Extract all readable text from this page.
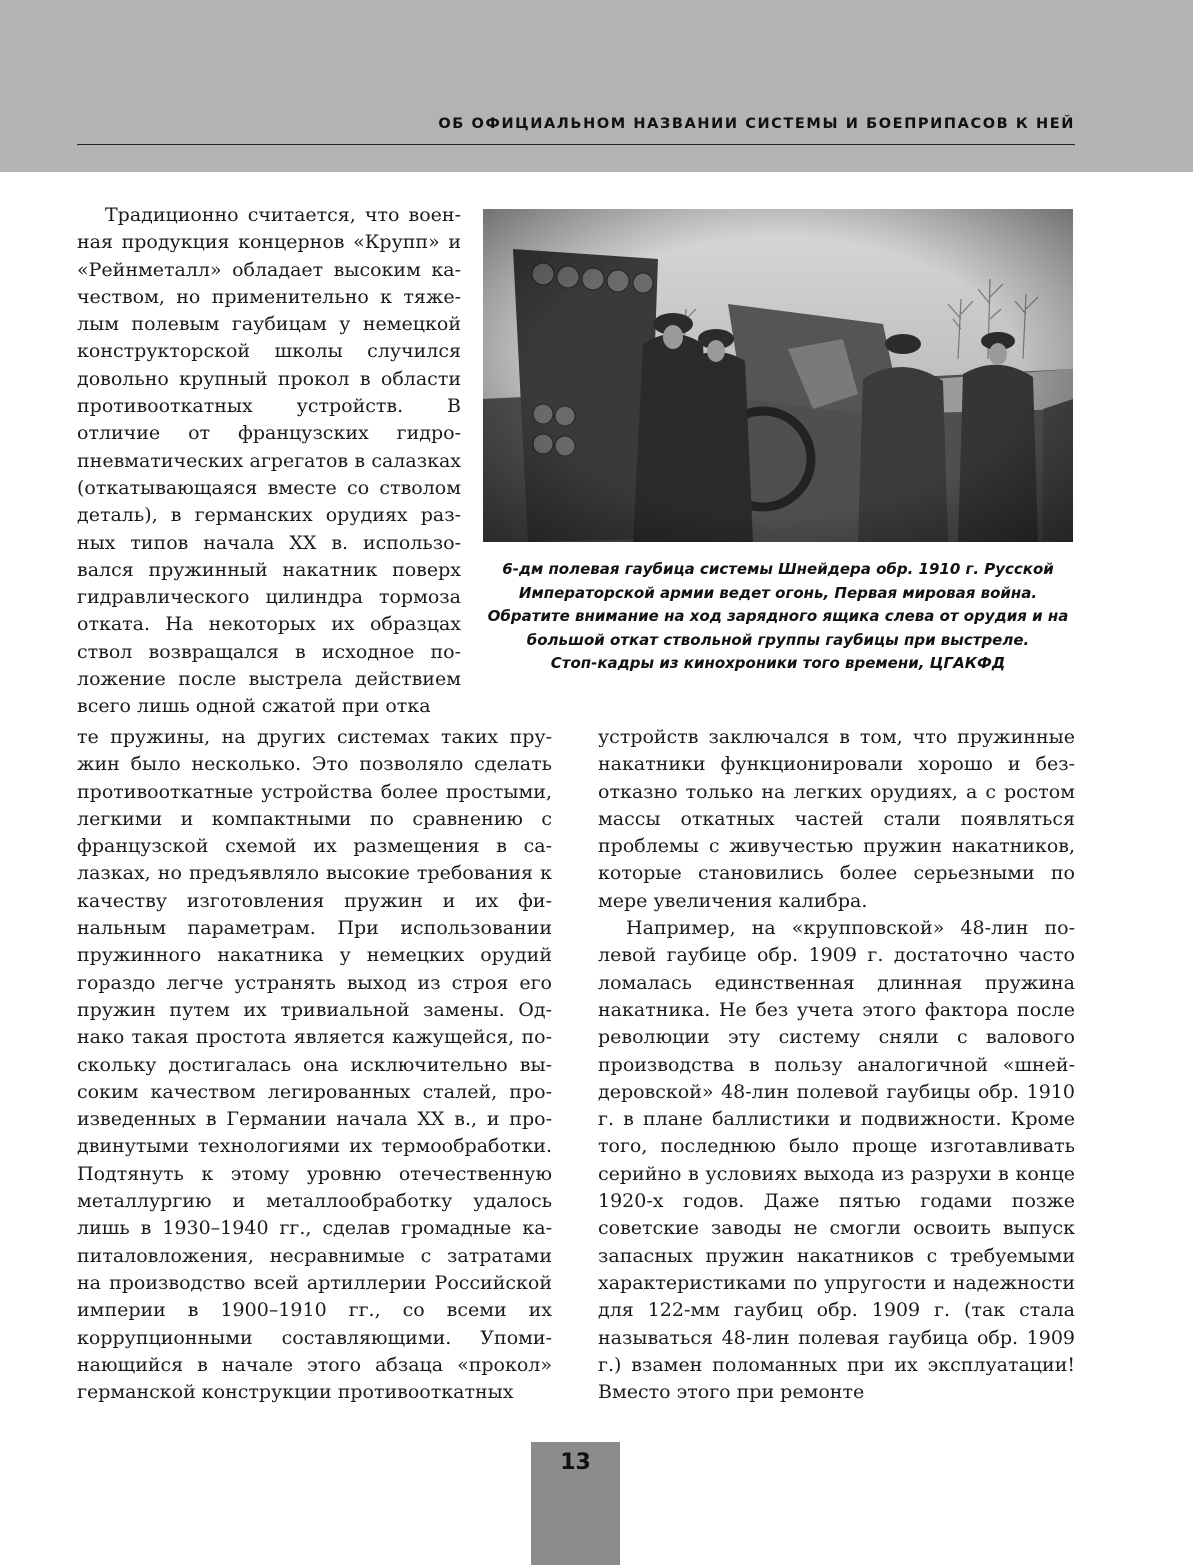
ОБ ОФИЦИАЛЬНОМ НАЗВАНИИ СИСТЕМЫ И БОЕПРИПАСОВ К НЕЙ

Традиционно считается, что военная продукция концернов «Крупп» и «Рейнметалл» обладает высоким качеством, но применительно к тяжелым полевым гаубицам у немецкой конструкторской школы случился довольно крупный прокол в области противооткатных устройств. В отличие от французских гидропневматических агрегатов в салазках (откатывающаяся вместе со стволом деталь), в германских орудиях разных типов начала XX в. использовался пружинный накатник поверх гидравлического цилиндра тормоза отката. На некоторых их образцах ствол возвращался в исходное положение после выстрела действием всего лишь одной сжатой при отка

6-дм полевая гаубица системы Шнейдера обр. 1910 г. Русской
Императорской армии ведет огонь, Первая мировая война.
Обратите внимание на ход зарядного ящика слева от орудия и на
большой откат ствольной группы гаубицы при выстреле.
Стоп-кадры из кинохроники того времени, ЦГАКФД

те пружины, на других системах таких пружин было несколько. Это позволяло сделать противооткатные устройства более простыми, легкими и компактными по сравнению с французской схемой их размещения в салазках, но предъявляло высокие требования к качеству изготовления пружин и их финальным параметрам. При использовании пружинного накатника у немецких орудий гораздо легче устранять выход из строя его пружин путем их тривиальной замены. Однако такая простота является кажущейся, поскольку достигалась она исключительно высоким качеством легированных сталей, произведенных в Германии начала XX в., и продвинутыми технологиями их термообработки. Подтянуть к этому уровню отечественную металлургию и металлообработку удалось лишь в 1930–1940 гг., сделав громадные капиталовложения, несравнимые с затратами на производство всей артиллерии Российской империи в 1900–1910 гг., со всеми их коррупционными составляющими. Упоминающийся в начале этого абзаца «прокол» германской конструкции противооткатных

устройств заключался в том, что пружинные накатники функционировали хорошо и безотказно только на легких орудиях, а с ростом массы откатных частей стали появляться проблемы с живучестью пружин накатников, которые становились более серьезными по мере увеличения калибра.

Например, на «крупповской» 48-лин полевой гаубице обр. 1909 г. достаточно часто ломалась единственная длинная пружина накатника. Не без учета этого фактора после революции эту систему сняли с валового производства в пользу аналогичной «шнейдеровской» 48-лин полевой гаубицы обр. 1910 г. в плане баллистики и подвижности. Кроме того, последнюю было проще изготавливать серийно в условиях выхода из разрухи в конце 1920-х годов. Даже пятью годами позже советские заводы не смогли освоить выпуск запасных пружин накатников с требуемыми характеристиками по упругости и надежности для 122-мм гаубиц обр. 1909 г. (так стала называться 48-лин полевая гаубица обр. 1909 г.) взамен поломанных при их эксплуатации! Вместо этого при ремонте

13
